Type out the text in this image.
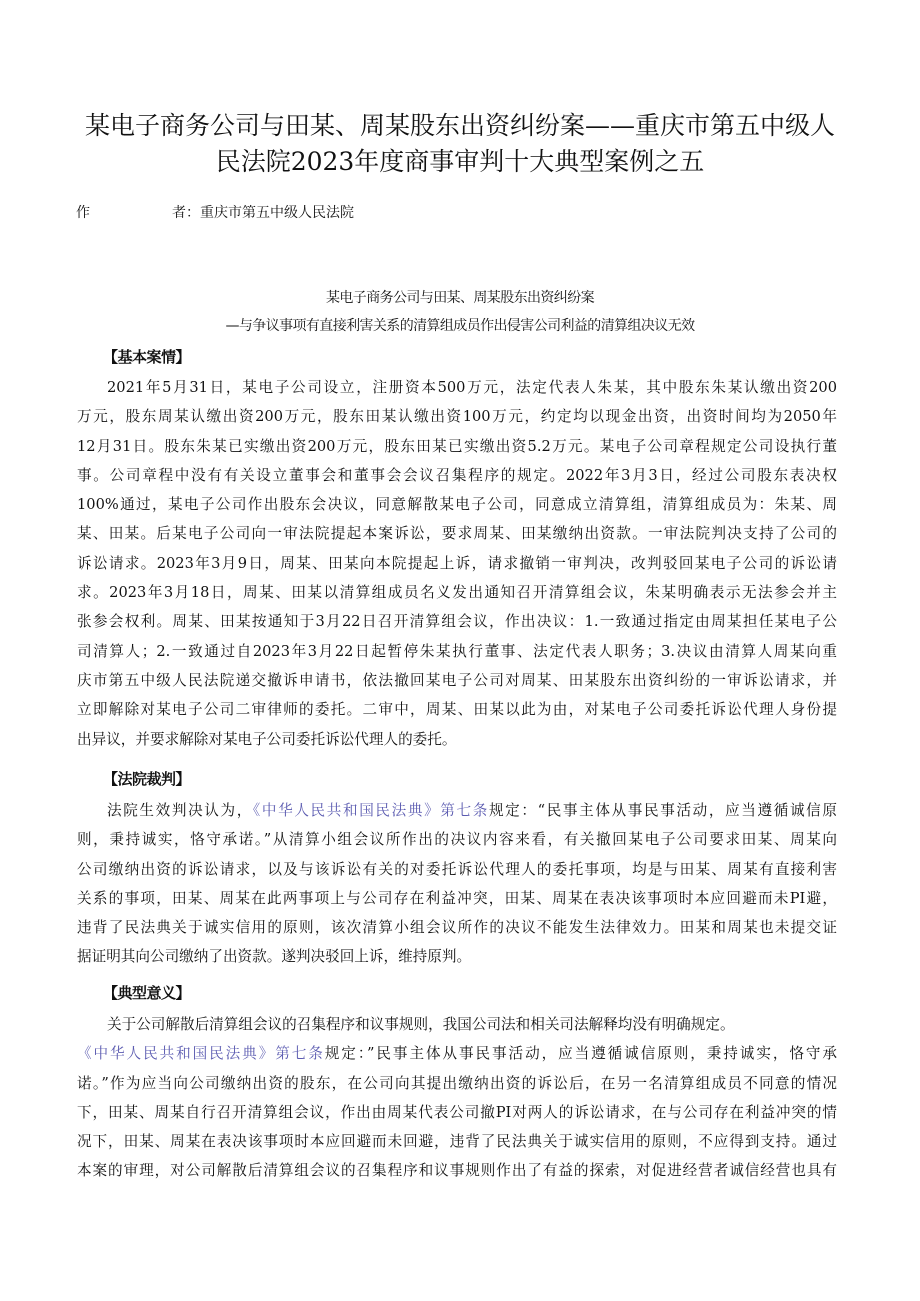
某电子商务公司与田某、周某股东出资纠纷案——重庆市第五中级人
民法院2023年度商事审判十大典型案例之五
作	者：重庆市第五中级人民法院
某电子商务公司与田某、周某股东出资纠纷案
—与争议事项有直接利害关系的清算组成员作出侵害公司利益的清算组决议无效
【基本案情】
2021年5月31日，某电子公司设立，注册资本500万元，法定代表人朱某，其中股东朱某认缴出资200
万元，股东周某认缴出资200万元，股东田某认缴出资100万元，约定均以现金出资，出资时间均为2050年
12月31日。股东朱某已实缴出资200万元，股东田某已实缴出资5.2万元。某电子公司章程规定公司设执行董
事。公司章程中没有有关设立董事会和董事会会议召集程序的规定。2022年3月3日，经过公司股东表决权
100%通过，某电子公司作出股东会决议，同意解散某电子公司，同意成立清算组，清算组成员为：朱某、周
某、田某。后某电子公司向一审法院提起本案诉讼，要求周某、田某缴纳出资款。一审法院判决支持了公司的
诉讼请求。2023年3月9日，周某、田某向本院提起上诉，请求撤销一审判决，改判驳回某电子公司的诉讼请
求。2023年3月18日，周某、田某以清算组成员名义发出通知召开清算组会议，朱某明确表示无法参会并主
张参会权利。周某、田某按通知于3月22日召开清算组会议，作出决议：1.一致通过指定由周某担任某电子公
司清算人；2.一致通过自2023年3月22日起暂停朱某执行董事、法定代表人职务；3.决议由清算人周某向重
庆市第五中级人民法院递交撤诉申请书，依法撤回某电子公司对周某、田某股东出资纠纷的一审诉讼请求，并
立即解除对某电子公司二审律师的委托。二审中，周某、田某以此为由，对某电子公司委托诉讼代理人身份提
出异议，并要求解除对某电子公司委托诉讼代理人的委托。
【法院裁判】
法院生效判决认为，《中华人民共和国民法典》第七条规定：“民事主体从事民事活动，应当遵循诚信原
则，秉持诚实，恪守承诺。”从清算小组会议所作出的决议内容来看，有关撤回某电子公司要求田某、周某向
公司缴纳出资的诉讼请求，以及与该诉讼有关的对委托诉讼代理人的委托事项，均是与田某、周某有直接利害
关系的事项，田某、周某在此两事项上与公司存在利益冲突，田某、周某在表决该事项时本应回避而未PI避，
违背了民法典关于诚实信用的原则，该次清算小组会议所作的决议不能发生法律效力。田某和周某也未提交证
据证明其向公司缴纳了出资款。遂判决驳回上诉，维持原判。
【典型意义】
关于公司解散后清算组会议的召集程序和议事规则，我国公司法和相关司法解释均没有明确规定。
《中华人民共和国民法典》第七条规定：”民事主体从事民事活动，应当遵循诚信原则，秉持诚实，恪守承
诺。”作为应当向公司缴纳出资的股东，在公司向其提出缴纳出资的诉讼后，在另一名清算组成员不同意的情况
下，田某、周某自行召开清算组会议，作出由周某代表公司撤PI对两人的诉讼请求，在与公司存在利益冲突的情
况下，田某、周某在表决该事项时本应回避而未回避，违背了民法典关于诚实信用的原则，不应得到支持。通过
本案的审理，对公司解散后清算组会议的召集程序和议事规则作出了有益的探索，对促进经营者诚信经营也具有
